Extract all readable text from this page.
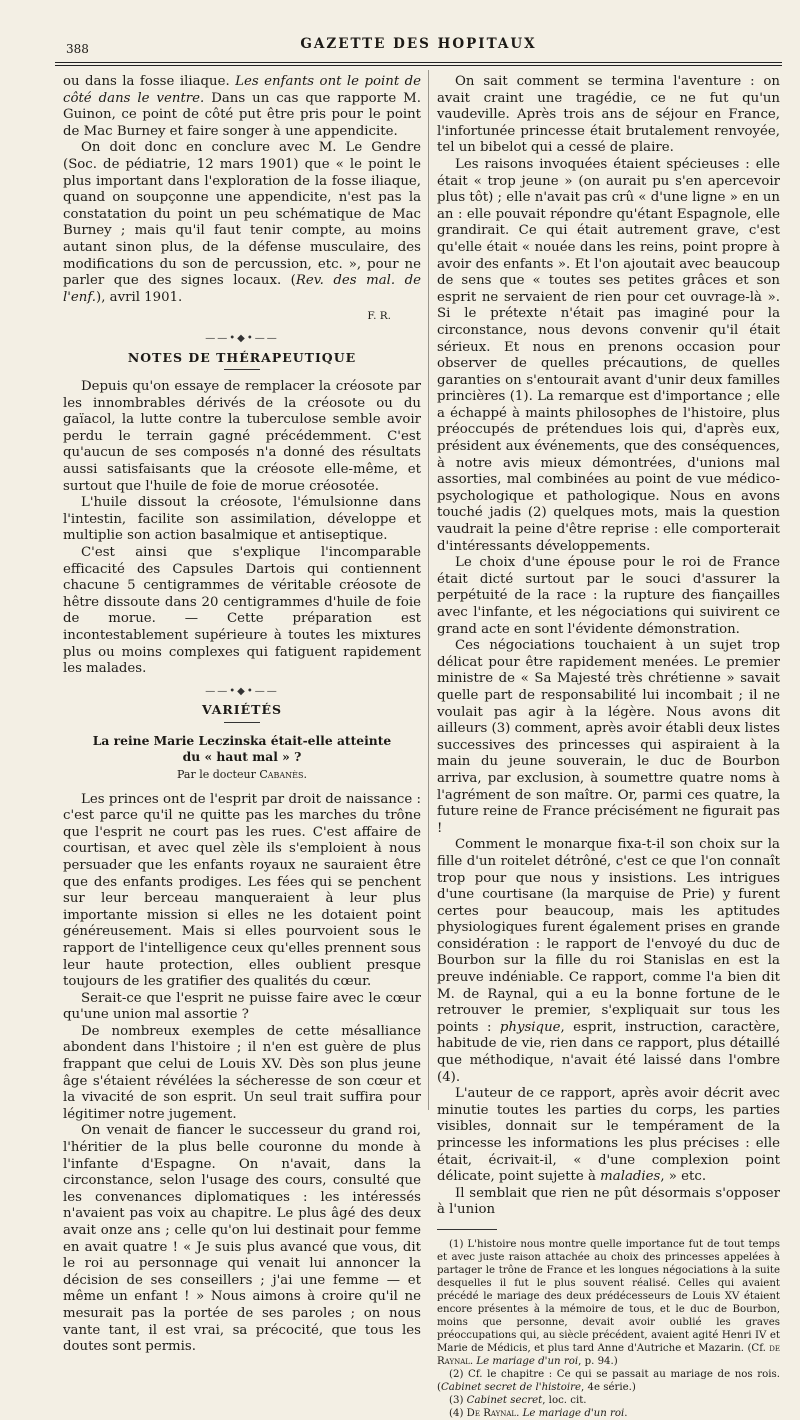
388	GAZETTE DES HOPITAUX

ou dans la fosse iliaque. Les enfants ont le point de côté dans le ventre. Dans un cas que rapporte M. Guinon, ce point de côté put être pris pour le point de Mac Burney et faire songer à une appendicite.

On doit donc en conclure avec M. Le Gendre (Soc. de pédiatrie, 12 mars 1901) que « le point le plus important dans l'exploration de la fosse iliaque, quand on soupçonne une appendicite, n'est pas la constatation du point un peu schématique de Mac Burney ; mais qu'il faut tenir compte, au moins autant sinon plus, de la défense musculaire, des modifications du son de percussion, etc. », pour ne parler que des signes locaux. (Rev. des mal. de l'enf.), avril 1901.

F. R.
——•◆•——
NOTES DE THÉRAPEUTIQUE

Depuis qu'on essaye de remplacer la créosote par les innombrables dérivés de la créosote ou du gaïacol, la lutte contre la tuberculose semble avoir perdu le terrain gagné précédemment. C'est qu'aucun de ses composés n'a donné des résultats aussi satisfaisants que la créosote elle-même, et surtout que l'huile de foie de morue créosotée.

L'huile dissout la créosote, l'émulsionne dans l'intestin, facilite son assimilation, développe et multiplie son action basalmique et antiseptique.

C'est ainsi que s'explique l'incomparable efficacité des Capsules Dartois qui contiennent chacune 5 centigrammes de véritable créosote de hêtre dissoute dans 20 centigrammes d'huile de foie de morue. — Cette préparation est incontestablement supérieure à toutes les mixtures plus ou moins complexes qui fatiguent rapidement les malades.

——•◆•——
VARIÉTÉS
La reine Marie Leczinska était-elle atteinte
du « haut mal » ?
Par le docteur Cabanès.

Les princes ont de l'esprit par droit de naissance : c'est parce qu'il ne quitte pas les marches du trône que l'esprit ne court pas les rues. C'est affaire de courtisan, et avec quel zèle ils s'emploient à nous persuader que les enfants royaux ne sauraient être que des enfants prodiges. Les fées qui se penchent sur leur berceau manqueraient à leur plus importante mission si elles ne les dotaient point généreusement. Mais si elles pourvoient sous le rapport de l'intelligence ceux qu'elles prennent sous leur haute protection, elles oublient presque toujours de les gratifier des qualités du cœur.

Serait-ce que l'esprit ne puisse faire avec le cœur qu'une union mal assortie ?

De nombreux exemples de cette mésalliance abondent dans l'histoire ; il n'en est guère de plus frappant que celui de Louis XV. Dès son plus jeune âge s'étaient révélées la sécheresse de son cœur et la vivacité de son esprit. Un seul trait suffira pour légitimer notre jugement.

On venait de fiancer le successeur du grand roi, l'héritier de la plus belle couronne du monde à l'infante d'Espagne. On n'avait, dans la circonstance, selon l'usage des cours, consulté que les convenances diplomatiques : les intéressés n'avaient pas voix au chapitre. Le plus âgé des deux avait onze ans ; celle qu'on lui destinait pour femme en avait quatre ! « Je suis plus avancé que vous, dit le roi au personnage qui venait lui annoncer la décision de ses conseillers ; j'ai une femme — et même un enfant ! » Nous aimons à croire qu'il ne mesurait pas la portée de ses paroles ; on nous vante tant, il est vrai, sa précocité, que tous les doutes sont permis.

On sait comment se termina l'aventure : on avait craint une tragédie, ce ne fut qu'un vaudeville. Après trois ans de séjour en France, l'infortunée princesse était brutalement renvoyée, tel un bibelot qui a cessé de plaire.

Les raisons invoquées étaient spécieuses : elle était « trop jeune » (on aurait pu s'en apercevoir plus tôt) ; elle n'avait pas crû « d'une ligne » en un an : elle pouvait répondre qu'étant Espagnole, elle grandirait. Ce qui était autrement grave, c'est qu'elle était « nouée dans les reins, point propre à avoir des enfants ». Et l'on ajoutait avec beaucoup de sens que « toutes ses petites grâces et son esprit ne servaient de rien pour cet ouvrage-là ». Si le prétexte n'était pas imaginé pour la circonstance, nous devons convenir qu'il était sérieux. Et nous en prenons occasion pour observer de quelles précautions, de quelles garanties on s'entourait avant d'unir deux familles princières (1). La remarque est d'importance ; elle a échappé à maints philosophes de l'histoire, plus préoccupés de prétendues lois qui, d'après eux, président aux événements, que des conséquences, à notre avis mieux démontrées, d'unions mal assorties, mal combinées au point de vue médico-psychologique et pathologique. Nous en avons touché jadis (2) quelques mots, mais la question vaudrait la peine d'être reprise : elle comporterait d'intéressants développements.

Le choix d'une épouse pour le roi de France était dicté surtout par le souci d'assurer la perpétuité de la race : la rupture des fiançailles avec l'infante, et les négociations qui suivirent ce grand acte en sont l'évidente démonstration.

Ces négociations touchaient à un sujet trop délicat pour être rapidement menées. Le premier ministre de « Sa Majesté très chrétienne » savait quelle part de responsabilité lui incombait ; il ne voulait pas agir à la légère. Nous avons dit ailleurs (3) comment, après avoir établi deux listes successives des princesses qui aspiraient à la main du jeune souverain, le duc de Bourbon arriva, par exclusion, à soumettre quatre noms à l'agrément de son maître. Or, parmi ces quatre, la future reine de France précisément ne figurait pas !

Comment le monarque fixa-t-il son choix sur la fille d'un roitelet détrôné, c'est ce que l'on connaît trop pour que nous y insistions. Les intrigues d'une courtisane (la marquise de Prie) y furent certes pour beaucoup, mais les aptitudes physiologiques furent également prises en grande considération : le rapport de l'envoyé du duc de Bourbon sur la fille du roi Stanislas en est la preuve indéniable. Ce rapport, comme l'a bien dit M. de Raynal, qui a eu la bonne fortune de le retrouver le premier, s'expliquait sur tous les points : physique, esprit, instruction, caractère, habitude de vie, rien dans ce rapport, plus détaillé que méthodique, n'avait été laissé dans l'ombre (4).

L'auteur de ce rapport, après avoir décrit avec minutie toutes les parties du corps, les parties visibles, donnait sur le tempérament de la princesse les informations les plus précises : elle était, écrivait-il, « d'une complexion point délicate, point sujette à maladies, » etc.

Il semblait que rien ne pût désormais s'opposer à l'union

(1) L'histoire nous montre quelle importance fut de tout temps et avec juste raison attachée au choix des princesses appelées à partager le trône de France et les longues négociations à la suite desquelles il fut le plus souvent réalisé. Celles qui avaient précédé le mariage des deux prédécesseurs de Louis XV étaient encore présentes à la mémoire de tous, et le duc de Bourbon, moins que personne, devait avoir oublié les graves préoccupations qui, au siècle précédent, avaient agité Henri IV et Marie de Médicis, et plus tard Anne d'Autriche et Mazarin. (Cf. de Raynal. Le mariage d'un roi, p. 94.)

(2) Cf. le chapitre : Ce qui se passait au mariage de nos rois. (Cabinet secret de l'histoire, 4e série.)

(3) Cabinet secret, loc. cit.

(4) De Raynal. Le mariage d'un roi.
